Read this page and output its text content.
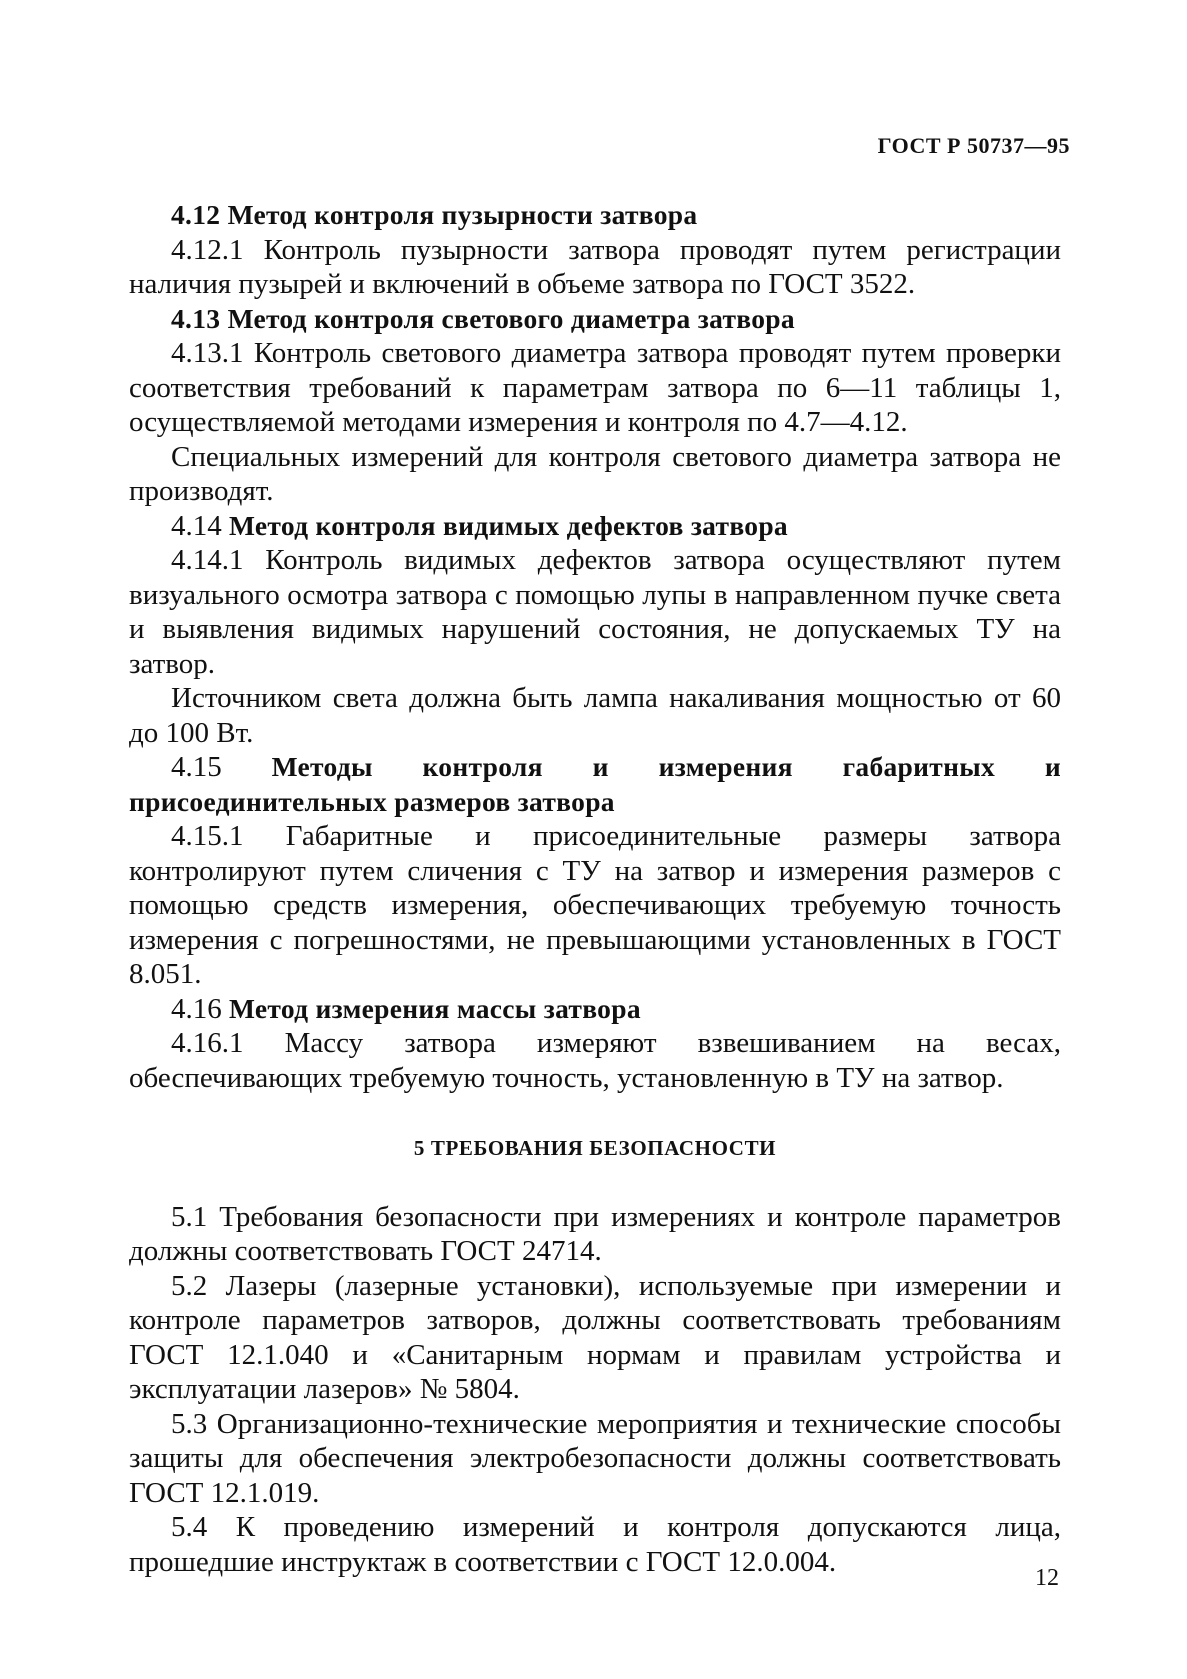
ГОСТ Р 50737—95

4.12 Метод контроля пузырности затвора

4.12.1 Контроль пузырности затвора проводят путем регистрации наличия пузырей и включений в объеме затвора по ГОСТ 3522.

4.13 Метод контроля светового диаметра затвора

4.13.1 Контроль светового диаметра затвора проводят путем проверки соответствия требований к параметрам затвора по 6—11 таблицы 1, осуществляемой методами измерения и контроля по 4.7—4.12.

Специальных измерений для контроля светового диаметра затвора не производят.

4.14 Метод контроля видимых дефектов затвора

4.14.1 Контроль видимых дефектов затвора осуществляют путем визуального осмотра затвора с помощью лупы в направленном пучке света и выявления видимых нарушений состояния, не допускаемых ТУ на затвор.

Источником света должна быть лампа накаливания мощностью от 60 до 100 Вт.

4.15 Методы контроля и измерения габаритных и присоединительных размеров затвора

4.15.1 Габаритные и присоединительные размеры затвора контролируют путем сличения с ТУ на затвор и измерения размеров с помощью средств измерения, обеспечивающих требуемую точность измерения с погрешностями, не превышающими установленных в ГОСТ 8.051.

4.16 Метод измерения массы затвора

4.16.1 Массу затвора измеряют взвешиванием на весах, обеспечивающих требуемую точность, установленную в ТУ на затвор.

5 ТРЕБОВАНИЯ БЕЗОПАСНОСТИ

5.1 Требования безопасности при измерениях и контроле параметров должны соответствовать ГОСТ 24714.

5.2 Лазеры (лазерные установки), используемые при измерении и контроле параметров затворов, должны соответствовать требованиям ГОСТ 12.1.040 и «Санитарным нормам и правилам устройства и эксплуатации лазеров» № 5804.

5.3 Организационно-технические мероприятия и технические способы защиты для обеспечения электробезопасности должны соответствовать ГОСТ 12.1.019.

5.4 К проведению измерений и контроля допускаются лица, прошедшие инструктаж в соответствии с ГОСТ 12.0.004.

12
